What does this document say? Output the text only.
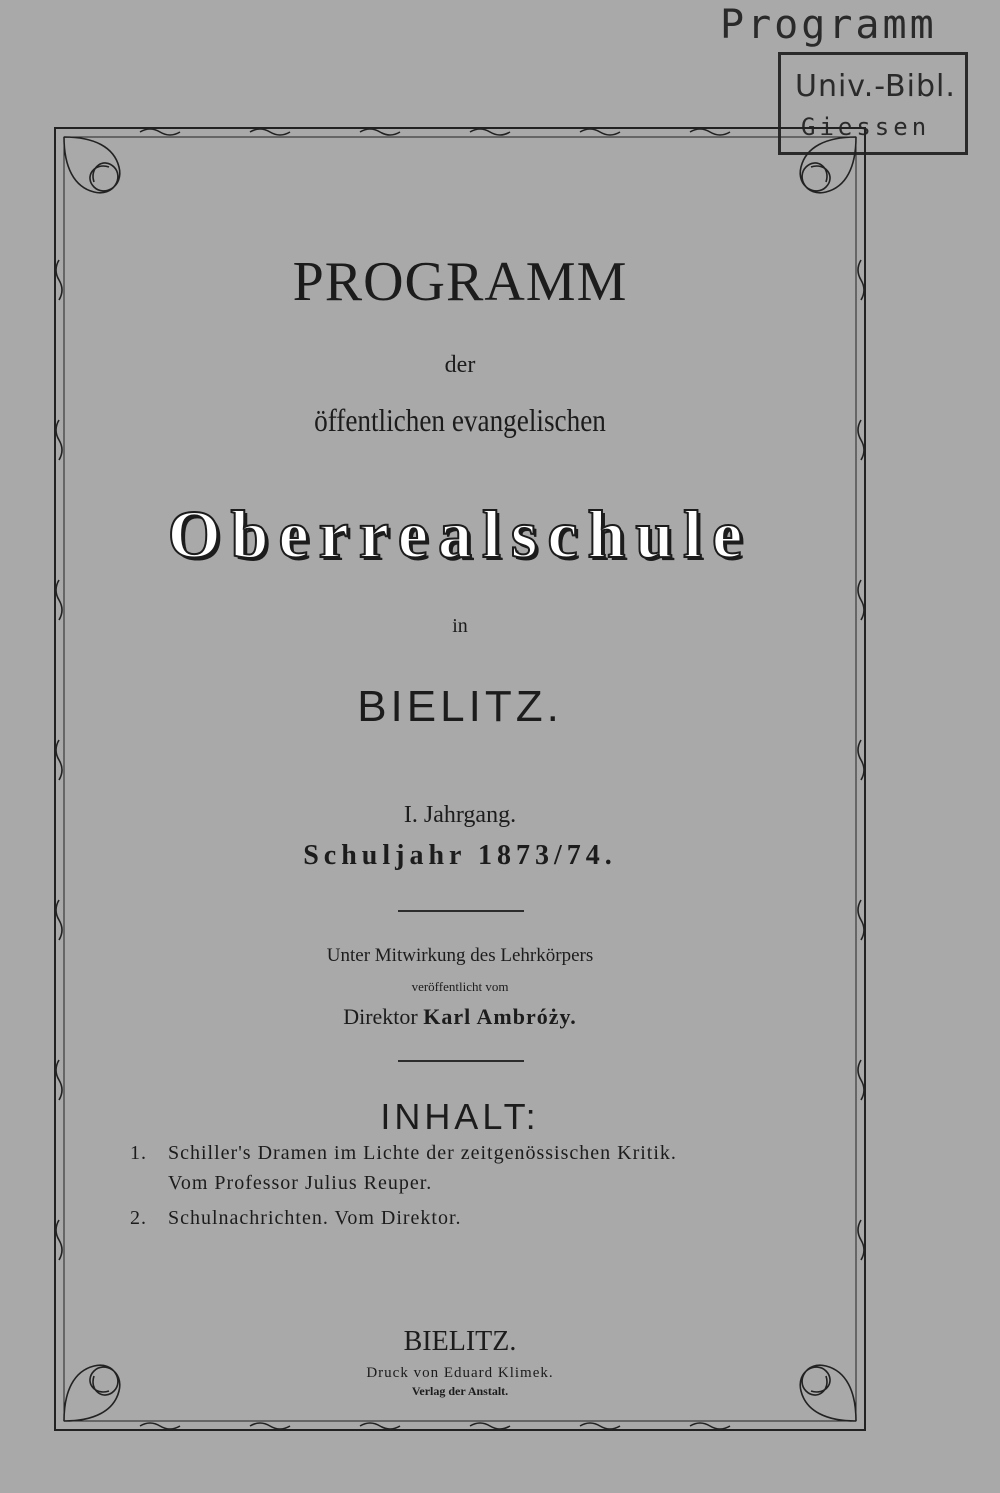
Programm
Univ.-Bibl.
Giessen
PROGRAMM
der
öffentlichen evangelischen
Oberrealschule
in
BIELITZ.
I. Jahrgang.
Schuljahr 1873/74.
Unter Mitwirkung des Lehrkörpers
veröffentlicht vom
Direktor Karl Ambróży.
INHALT:
1. Schiller's Dramen im Lichte der zeitgenössischen Kritik.
Vom Professor Julius Reuper.
2. Schulnachrichten. Vom Direktor.
BIELITZ.
Druck von Eduard Klimek.
Verlag der Anstalt.
